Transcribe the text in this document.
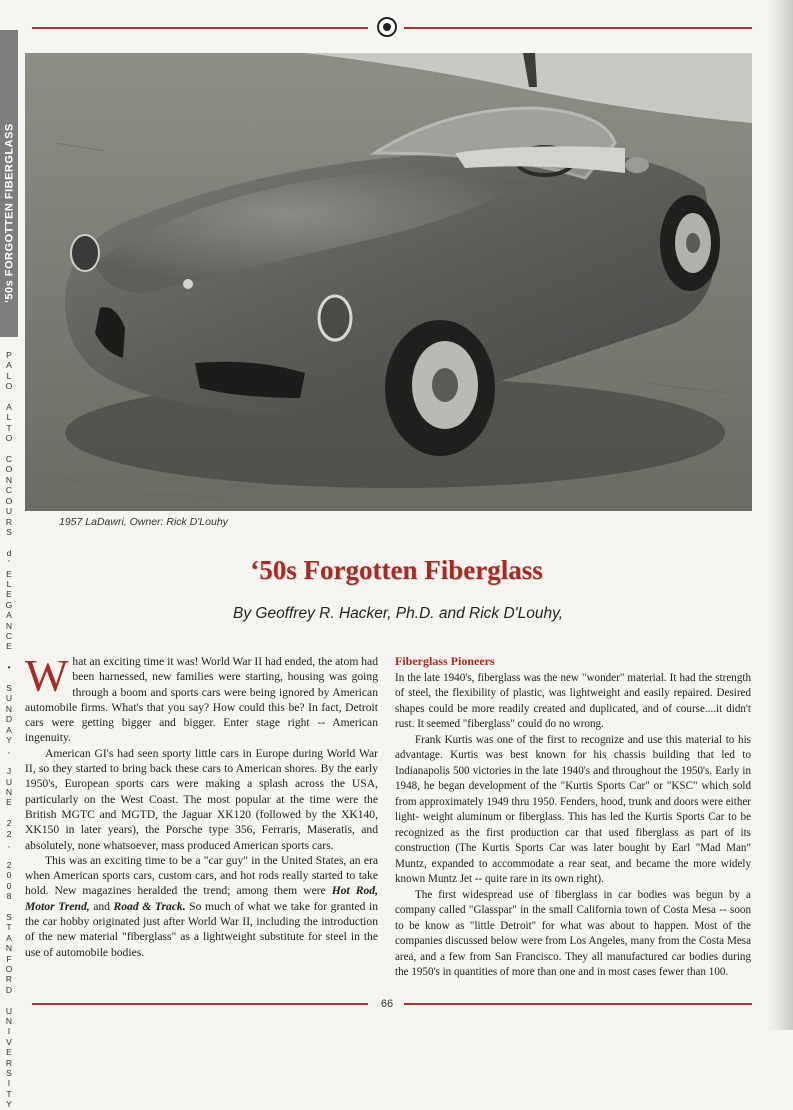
'50s FORGOTTEN FIBERGLASS
P
A
L
O

A
L
T
O

C
O
N
C
O
U
R
S

d
'
E
L
E
G
A
N
C
E

•

S
U
N
D
A
Y
,

J
U
N
E

2
2
,

2
0
0
8

S
T
A
N
F
O
R
D

U
N
I
V
E
R
S
I
T
Y
1957 LaDawri, Owner: Rick D'Louhy
‘50s Forgotten Fiberglass
By Geoffrey R. Hacker, Ph.D. and Rick D'Louhy,

What an exciting time it was! World War II had ended, the atom had been harnessed, new families were starting, housing was going through a boom and sports cars were being ignored by American automobile firms. What's that you say? How could this be? In fact, Detroit cars were getting bigger and bigger. Enter stage right -- American ingenuity.

American GI's had seen sporty little cars in Europe during World War II, so they started to bring back these cars to American shores. By the early 1950's, European sports cars were making a splash across the USA, particularly on the West Coast. The most popular at the time were the British MGTC and MGTD, the Jaguar XK120 (followed by the XK140, XK150 in later years), the Porsche type 356, Ferraris, Maseratis, and absolutely, none whatsoever, mass produced American sports cars.

This was an exciting time to be a "car guy" in the United States, an era when American sports cars, custom cars, and hot rods really started to take hold. New magazines heralded the trend; among them were Hot Rod, Motor Trend, and Road & Track. So much of what we take for granted in the car hobby originated just after World War II, including the introduction of the new material "fiberglass" as a lightweight substitute for steel in the use of automobile bodies.

Fiberglass Pioneers

In the late 1940's, fiberglass was the new "wonder" material. It had the strength of steel, the flexibility of plastic, was lightweight and easily repaired. Desired shapes could be more readily created and duplicated, and of course....it didn't rust. It seemed "fiberglass" could do no wrong.

Frank Kurtis was one of the first to recognize and use this material to his advantage. Kurtis was best known for his chassis building that led to Indianapolis 500 victories in the late 1940's and throughout the 1950's. Early in 1948, he began development of the "Kurtis Sports Car" or "KSC" which sold from approximately 1949 thru 1950. Fenders, hood, trunk and doors were either light- weight aluminum or fiberglass. This has led the Kurtis Sports Car to be recognized as the first production car that used fiberglass as part of its construction (The Kurtis Sports Car was later bought by Earl "Mad Man" Muntz, expanded to accommodate a rear seat, and became the more widely known Muntz Jet -- quite rare in its own right).

The first widespread use of fiberglass in car bodies was begun by a company called "Glasspar" in the small California town of Costa Mesa -- soon to be know as "little Detroit" for what was about to happen. Most of the companies discussed below were from Los Angeles, many from the Costa Mesa area, and a few from San Francisco. They all manufactured car bodies during the 1950's in quantities of more than one and in most cases fewer than 100.

66
